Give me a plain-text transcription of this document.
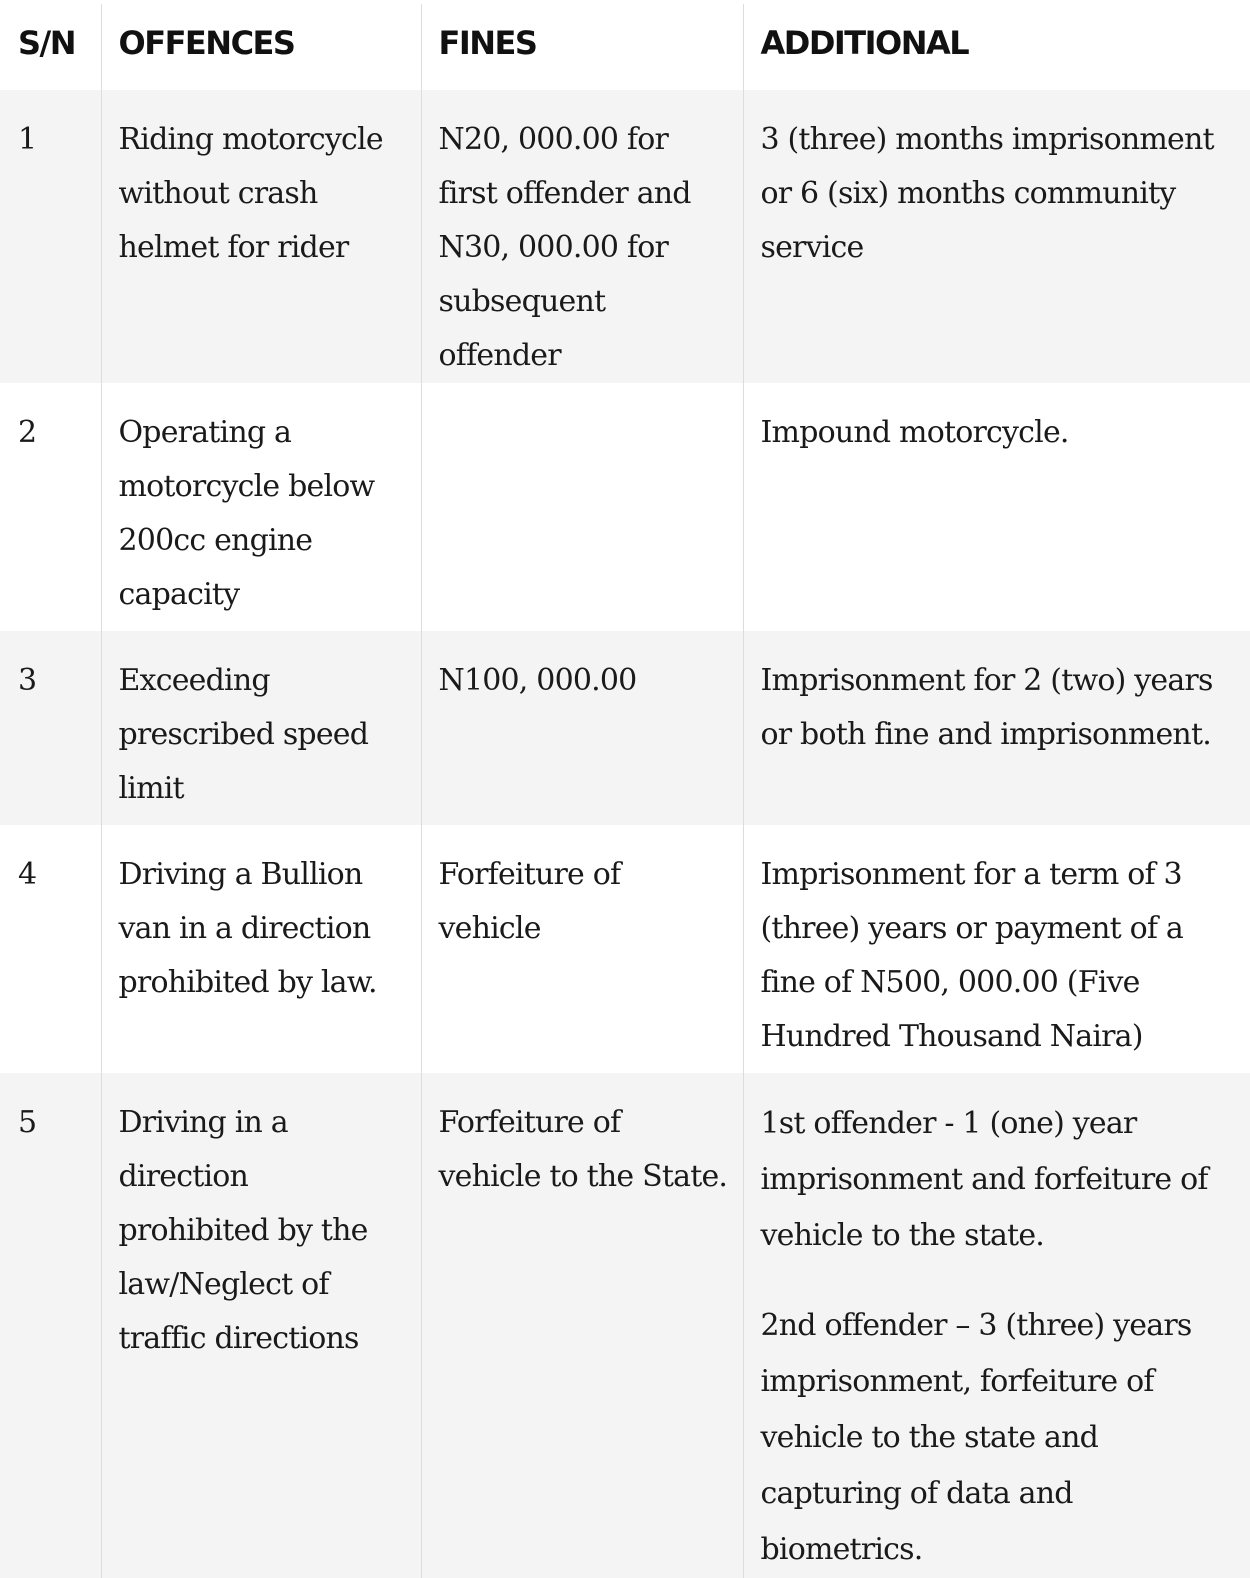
S/N	OFFENCES	FINES	ADDITIONAL
1	Riding motorcycle without crash helmet for rider	N20, 000.00 for first offender and N30, 000.00 for subsequent offender	3 (three) months imprisonment or 6 (six) months community service

2	Operating a motorcycle below 200cc engine capacity		Impound motorcycle.

3	Exceeding prescribed speed limit	N100, 000.00	Imprisonment for 2 (two) years or both fine and imprisonment.

4	Driving a Bullion van in a direction prohibited by law.	Forfeiture of vehicle	Imprisonment for a term of 3 (three) years or payment of a fine of N500, 000.00 (Five Hundred Thousand Naira)

5	Driving in a direction prohibited by the law/Neglect of traffic directions	Forfeiture of vehicle to the State.	1st offender - 1 (one) year imprisonment and forfeiture of vehicle to the state.
2nd offender – 3 (three) years imprisonment, forfeiture of vehicle to the state and capturing of data and biometrics.
